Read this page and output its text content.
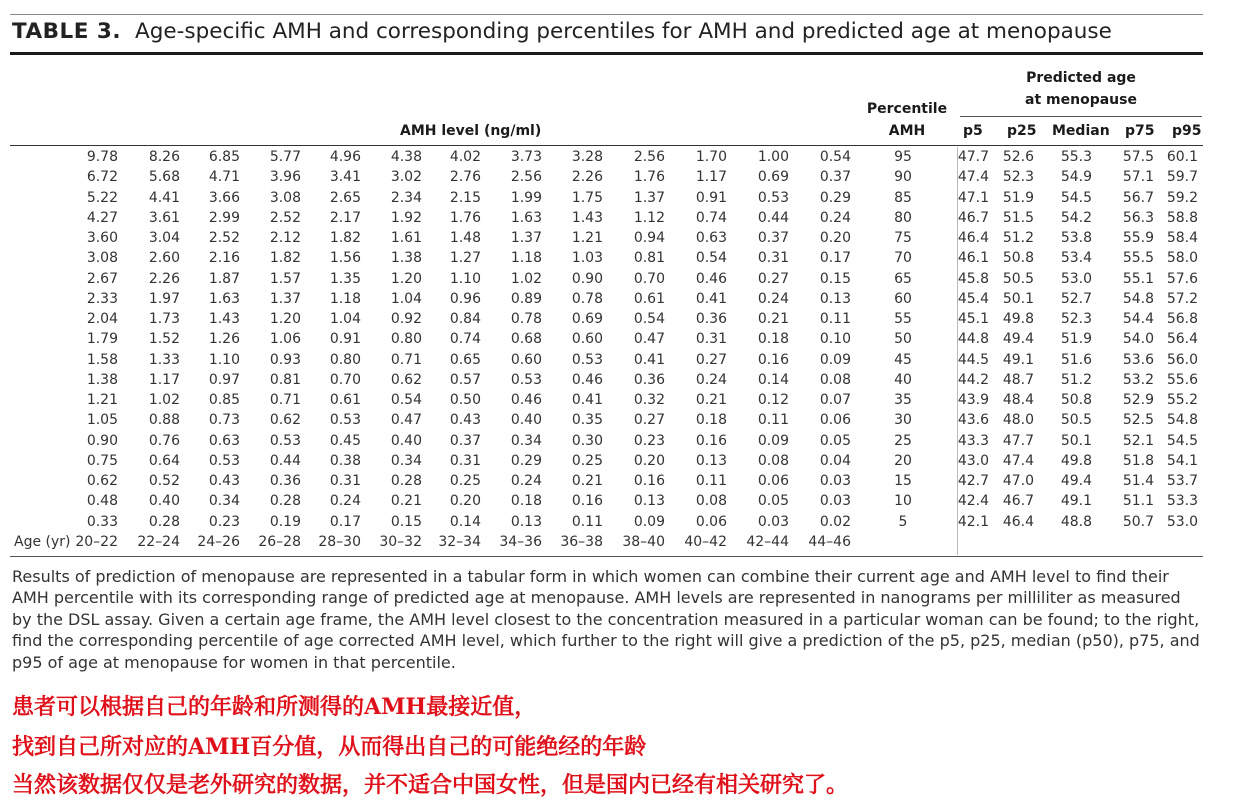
TABLE 3. Age-specific AMH and corresponding percentiles for AMH and predicted age at menopause
AMH level (ng/ml)
Percentile
AMH
Predicted age
at menopause
p5 p25 Median p75 p95
9.78	8.26	6.85	5.77	4.96	4.38	4.02	3.73	3.28	2.56	1.70	1.00	0.54	95	47.7	52.6	55.3	57.5	60.1	
6.72	5.68	4.71	3.96	3.41	3.02	2.76	2.56	2.26	1.76	1.17	0.69	0.37	90	47.4	52.3	54.9	57.1	59.7	
5.22	4.41	3.66	3.08	2.65	2.34	2.15	1.99	1.75	1.37	0.91	0.53	0.29	85	47.1	51.9	54.5	56.7	59.2	
4.27	3.61	2.99	2.52	2.17	1.92	1.76	1.63	1.43	1.12	0.74	0.44	0.24	80	46.7	51.5	54.2	56.3	58.8	
3.60	3.04	2.52	2.12	1.82	1.61	1.48	1.37	1.21	0.94	0.63	0.37	0.20	75	46.4	51.2	53.8	55.9	58.4	
3.08	2.60	2.16	1.82	1.56	1.38	1.27	1.18	1.03	0.81	0.54	0.31	0.17	70	46.1	50.8	53.4	55.5	58.0	
2.67	2.26	1.87	1.57	1.35	1.20	1.10	1.02	0.90	0.70	0.46	0.27	0.15	65	45.8	50.5	53.0	55.1	57.6	
2.33	1.97	1.63	1.37	1.18	1.04	0.96	0.89	0.78	0.61	0.41	0.24	0.13	60	45.4	50.1	52.7	54.8	57.2	
2.04	1.73	1.43	1.20	1.04	0.92	0.84	0.78	0.69	0.54	0.36	0.21	0.11	55	45.1	49.8	52.3	54.4	56.8	
1.79	1.52	1.26	1.06	0.91	0.80	0.74	0.68	0.60	0.47	0.31	0.18	0.10	50	44.8	49.4	51.9	54.0	56.4	
1.58	1.33	1.10	0.93	0.80	0.71	0.65	0.60	0.53	0.41	0.27	0.16	0.09	45	44.5	49.1	51.6	53.6	56.0	
1.38	1.17	0.97	0.81	0.70	0.62	0.57	0.53	0.46	0.36	0.24	0.14	0.08	40	44.2	48.7	51.2	53.2	55.6	
1.21	1.02	0.85	0.71	0.61	0.54	0.50	0.46	0.41	0.32	0.21	0.12	0.07	35	43.9	48.4	50.8	52.9	55.2	
1.05	0.88	0.73	0.62	0.53	0.47	0.43	0.40	0.35	0.27	0.18	0.11	0.06	30	43.6	48.0	50.5	52.5	54.8	
0.90	0.76	0.63	0.53	0.45	0.40	0.37	0.34	0.30	0.23	0.16	0.09	0.05	25	43.3	47.7	50.1	52.1	54.5	
0.75	0.64	0.53	0.44	0.38	0.34	0.31	0.29	0.25	0.20	0.13	0.08	0.04	20	43.0	47.4	49.8	51.8	54.1	
0.62	0.52	0.43	0.36	0.31	0.28	0.25	0.24	0.21	0.16	0.11	0.06	0.03	15	42.7	47.0	49.4	51.4	53.7	
0.48	0.40	0.34	0.28	0.24	0.21	0.20	0.18	0.16	0.13	0.08	0.05	0.03	10	42.4	46.7	49.1	51.1	53.3	
0.33	0.28	0.23	0.19	0.17	0.15	0.14	0.13	0.11	0.09	0.06	0.03	0.02	5	42.1	46.4	48.8	50.7	53.0	

Age (yr) 20–22	22–24	24–26	26–28	28–30	30–32	32–34	34–36	36–38	38–40	40–42	42–44	44–46							
Results of prediction of menopause are represented in a tabular form in which women can combine their current age and AMH level to find their AMH percentile with its corresponding range of predicted age at menopause. AMH levels are represented in nanograms per milliliter as measured by the DSL assay. Given a certain age frame, the AMH level closest to the concentration measured in a particular woman can be found; to the right, find the corresponding percentile of age corrected AMH level, which further to the right will give a prediction of the p5, p25, median (p50), p75, and p95 of age at menopause for women in that percentile.
患者可以根据自己的年龄和所测得的AMH最接近值，
找到自己所对应的AMH百分值，从而得出自己的可能绝经的年龄
当然该数据仅仅是老外研究的数据，并不适合中国女性，但是国内已经有相关研究了。
